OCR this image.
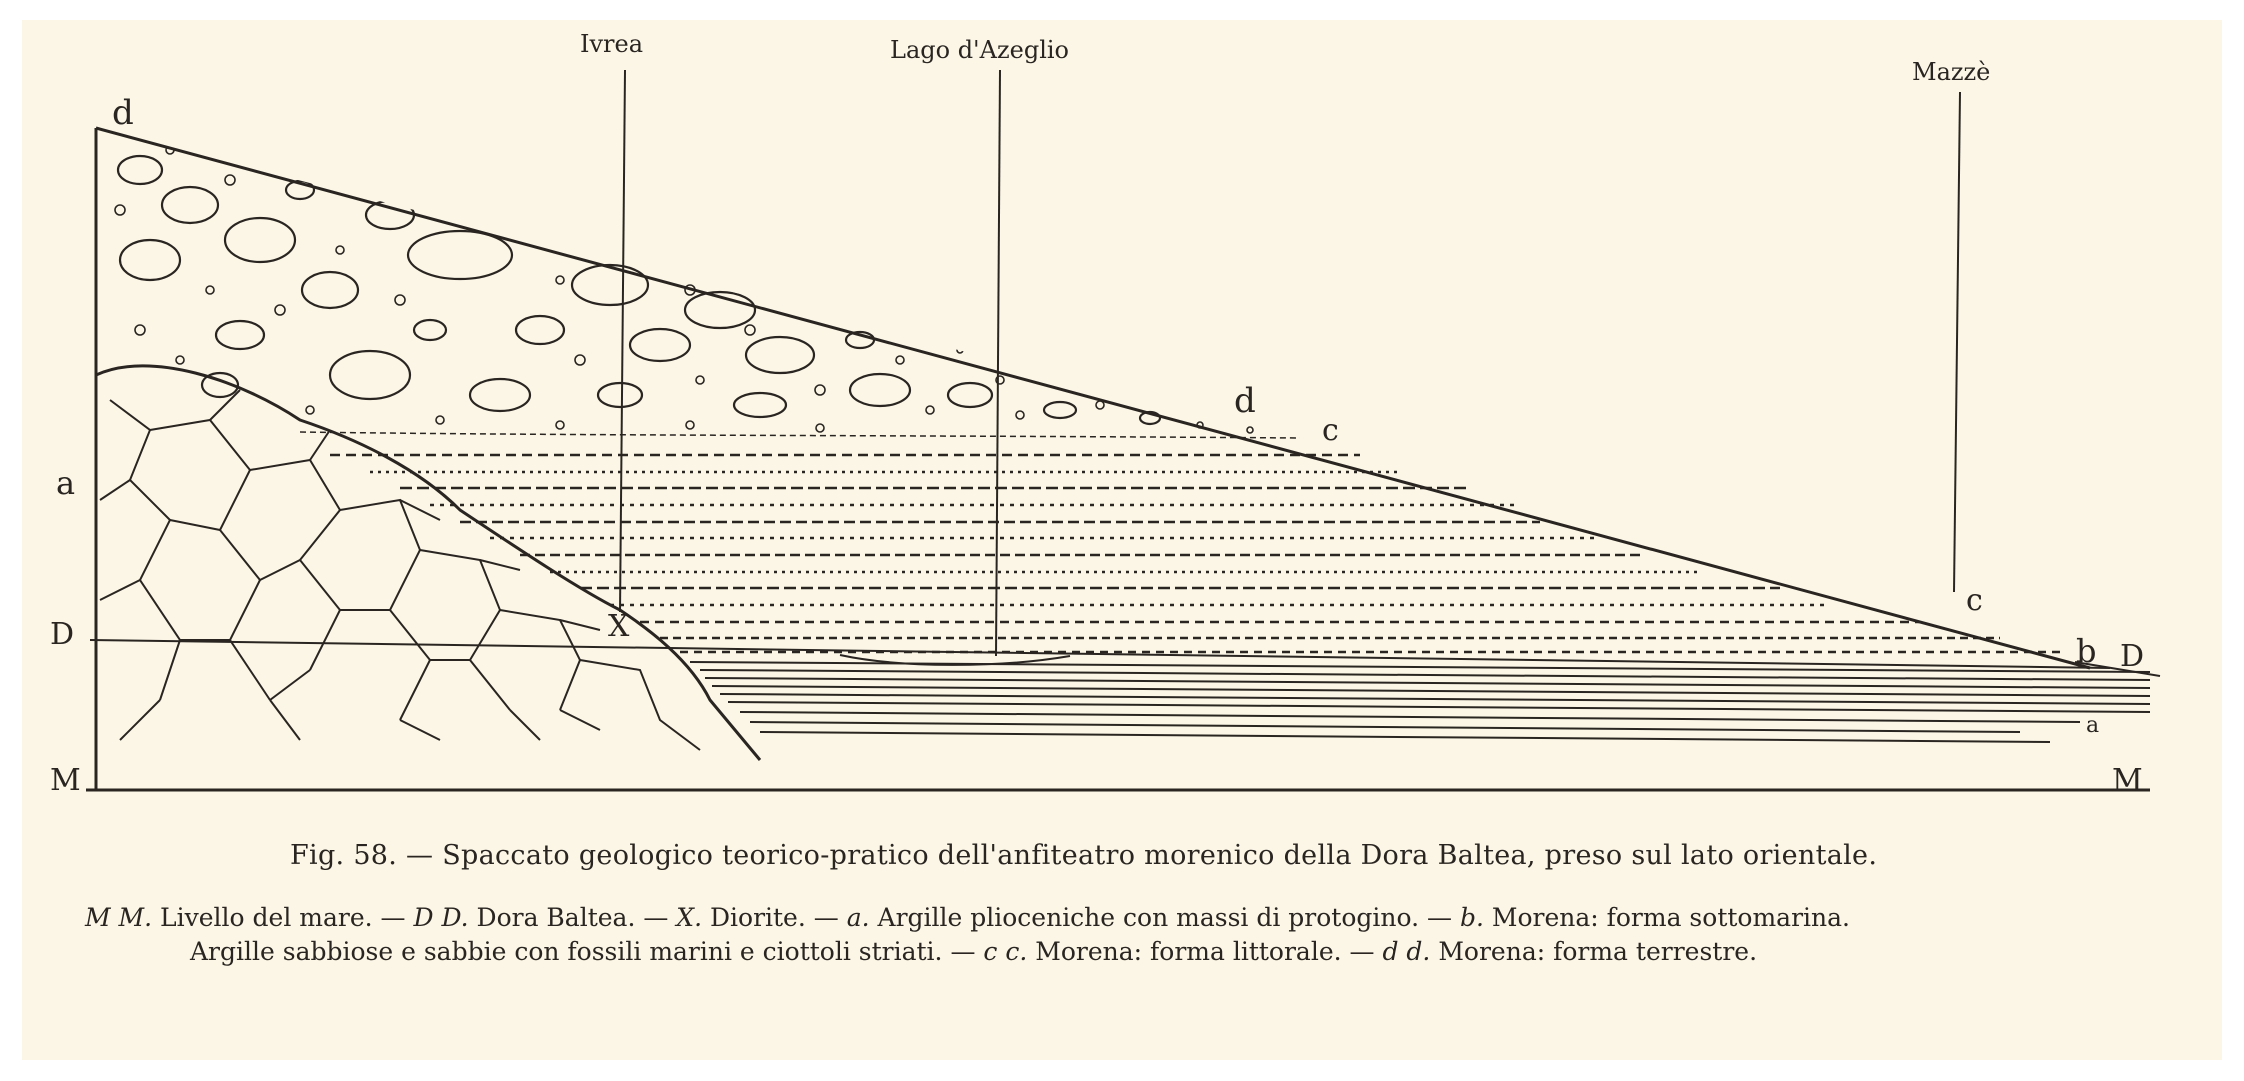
Ivrea	Lago d'Azeglio
Mazzè
d
d
c
c
a
a
b
D
D
M	M
X
Fig. 58. — Spaccato geologico teorico-pratico dell'anfiteatro morenico della Dora Baltea, preso sul lato orientale.
M M. Livello del mare. — D D. Dora Baltea. — X. Diorite. — a. Argille plioceniche con massi di protogino. — b. Morena: forma sottomarina.
Argille sabbiose e sabbie con fossili marini e ciottoli striati. — c c. Morena: forma littorale. — d d. Morena: forma terrestre.
